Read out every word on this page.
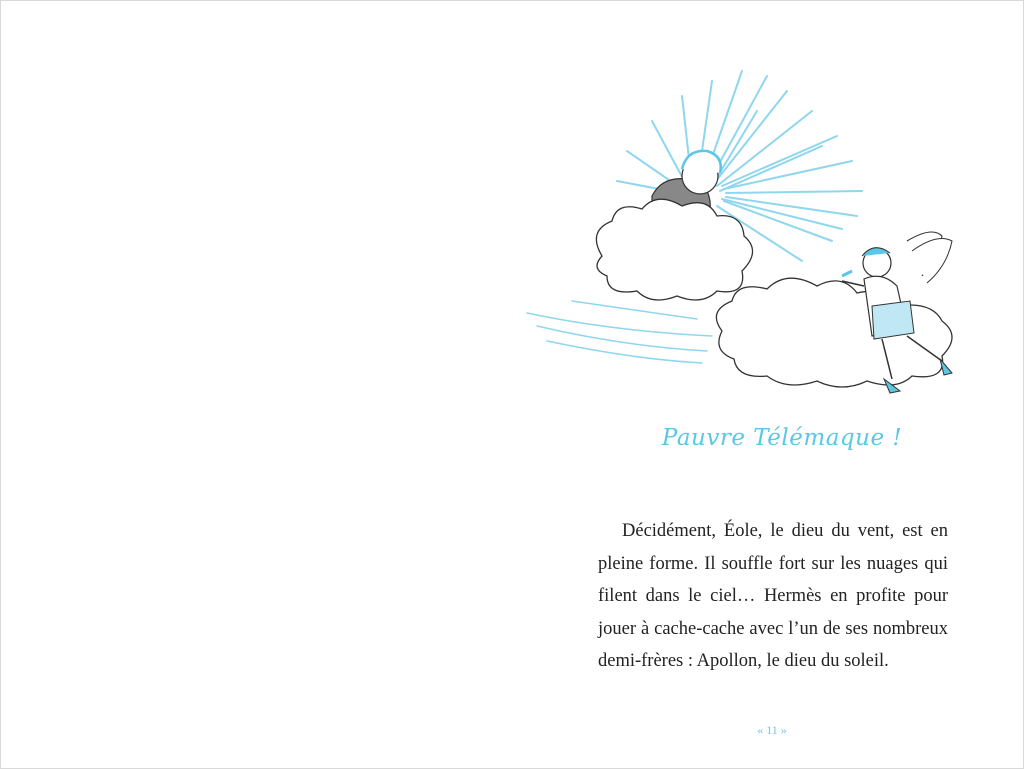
Pauvre Télémaque !

Décidément, Éole, le dieu du vent, est en pleine forme. Il souffle fort sur les nuages qui filent dans le ciel… Hermès en profite pour jouer à cache-cache avec l’un de ses nombreux demi-frères : Apollon, le dieu du soleil.

« 11 »
